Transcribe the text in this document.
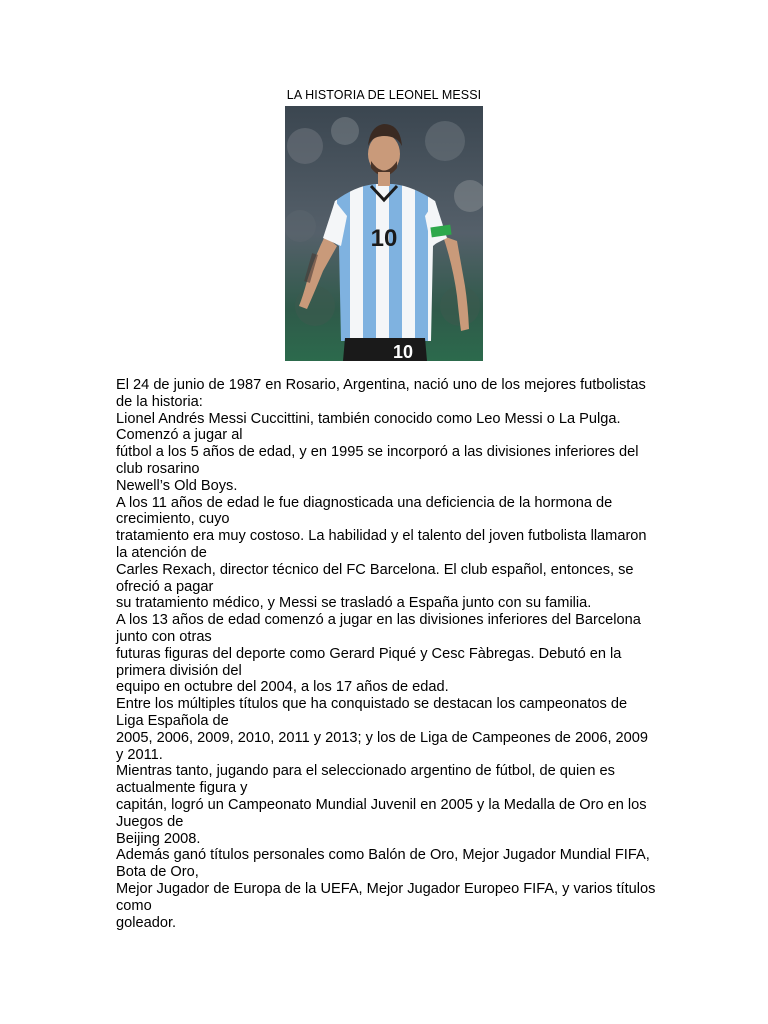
LA HISTORIA DE LEONEL MESSI
10
10
El 24 de junio de 1987 en Rosario, Argentina, nació uno de los mejores futbolistas de la historia:
Lionel Andrés Messi Cuccittini, también conocido como Leo Messi o La Pulga. Comenzó a jugar al
fútbol a los 5 años de edad, y en 1995 se incorporó a las divisiones inferiores del club rosarino
Newell’s Old Boys.
A los 11 años de edad le fue diagnosticada una deficiencia de la hormona de crecimiento, cuyo
tratamiento era muy costoso. La habilidad y el talento del joven futbolista llamaron la atención de
Carles Rexach, director técnico del FC Barcelona. El club español, entonces, se ofreció a pagar
su tratamiento médico, y Messi se trasladó a España junto con su familia.
A los 13 años de edad comenzó a jugar en las divisiones inferiores del Barcelona junto con otras
futuras figuras del deporte como Gerard Piqué y Cesc Fàbregas. Debutó en la primera división del
equipo en octubre del 2004, a los 17 años de edad.
Entre los múltiples títulos que ha conquistado se destacan los campeonatos de Liga Española de
2005, 2006, 2009, 2010, 2011 y 2013; y los de Liga de Campeones de 2006, 2009 y 2011.
Mientras tanto, jugando para el seleccionado argentino de fútbol, de quien es actualmente figura y
capitán, logró un Campeonato Mundial Juvenil en 2005 y la Medalla de Oro en los Juegos de
Beijing 2008.
Además ganó títulos personales como Balón de Oro, Mejor Jugador Mundial FIFA, Bota de Oro,
Mejor Jugador de Europa de la UEFA, Mejor Jugador Europeo FIFA, y varios títulos como
goleador.
